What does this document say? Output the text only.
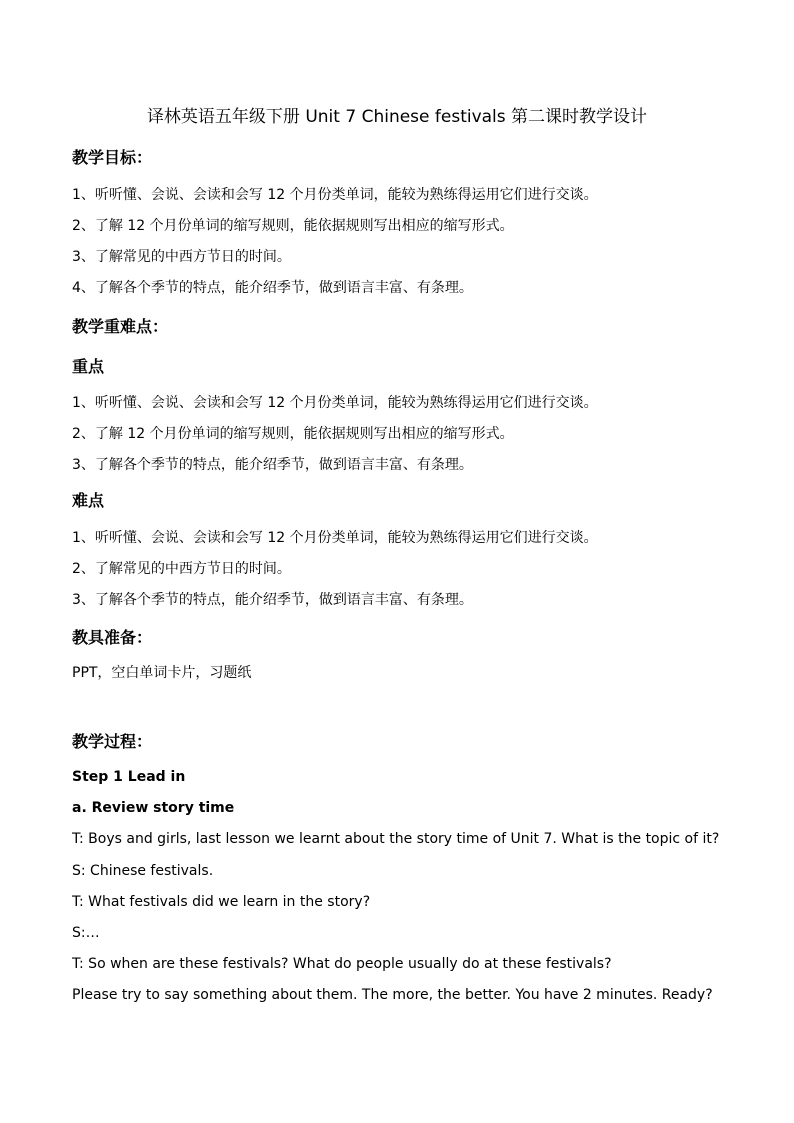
译林英语五年级下册 Unit 7 Chinese festivals 第二课时教学设计
教学目标：
1、听听懂、会说、会读和会写 12 个月份类单词，能较为熟练得运用它们进行交谈。
2、了解 12 个月份单词的缩写规则，能依据规则写出相应的缩写形式。
3、了解常见的中西方节日的时间。
4、了解各个季节的特点，能介绍季节，做到语言丰富、有条理。
教学重难点：
重点
1、听听懂、会说、会读和会写 12 个月份类单词，能较为熟练得运用它们进行交谈。
2、了解 12 个月份单词的缩写规则，能依据规则写出相应的缩写形式。
3、了解各个季节的特点，能介绍季节，做到语言丰富、有条理。
难点
1、听听懂、会说、会读和会写 12 个月份类单词，能较为熟练得运用它们进行交谈。
2、了解常见的中西方节日的时间。
3、了解各个季节的特点，能介绍季节，做到语言丰富、有条理。
教具准备：
PPT，空白单词卡片，习题纸
教学过程：
Step 1 Lead in
a. Review story time
T: Boys and girls, last lesson we learnt about the story time of Unit 7. What is the topic of it?
S: Chinese festivals.
T: What festivals did we learn in the story?
S:…
T: So when are these festivals? What do people usually do at these festivals?
Please try to say something about them. The more, the better. You have 2 minutes. Ready?
